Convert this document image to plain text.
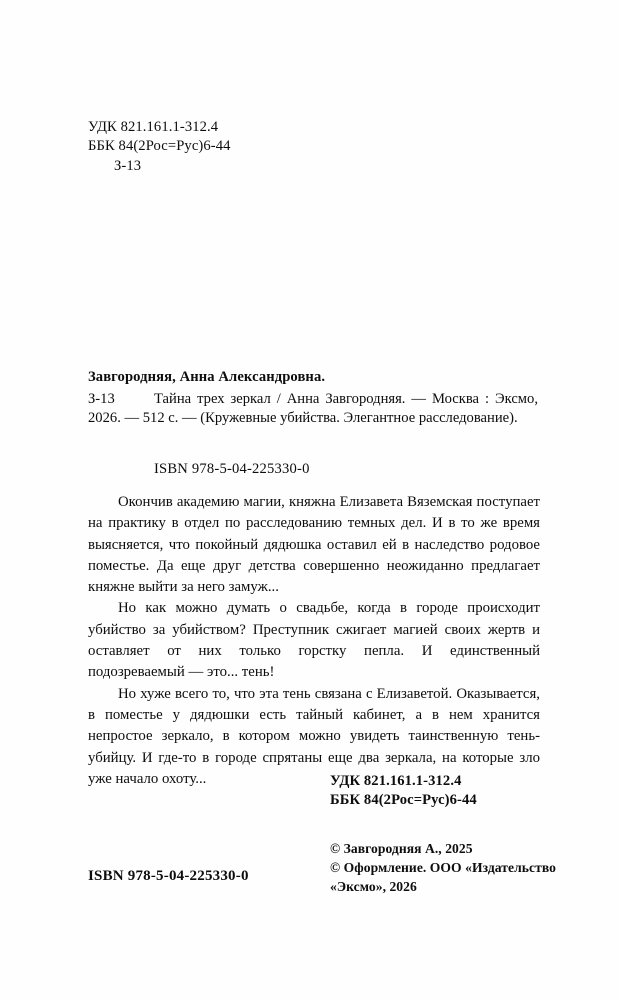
УДК 821.161.1-312.4
ББК 84(2Рос=Рус)6-44
З-13
Завгородняя, Анна Александровна.
З-13	Тайна трех зеркал / Анна Завгородняя. — Москва : Эксмо, 2026. — 512 с. — (Кружевные убийства. Элегантное расследование).
ISBN 978-5-04-225330-0

Окончив академию магии, княжна Елизавета Вяземская поступает на практику в отдел по расследованию темных дел. И в то же время выясняется, что покойный дядюшка оставил ей в наследство родовое поместье. Да еще друг детства совершенно неожиданно предлагает княжне выйти за него замуж...

Но как можно думать о свадьбе, когда в городе происходит убийство за убийством? Преступник сжигает магией своих жертв и оставляет от них только горстку пепла. И единственный подозреваемый — это... тень!

Но хуже всего то, что эта тень связана с Елизаветой. Оказывается, в поместье у дядюшки есть тайный кабинет, а в нем хранится непростое зеркало, в котором можно увидеть таинственную тень-убийцу. И где-то в городе спрятаны еще два зеркала, на которые зло уже начало охоту...	УДК 821.161.1-312.4
ББК 84(2Рос=Рус)6-44
© Завгородняя А., 2025
© Оформление. ООО «Издательство
«Эксмо», 2026
ISBN 978-5-04-225330-0
